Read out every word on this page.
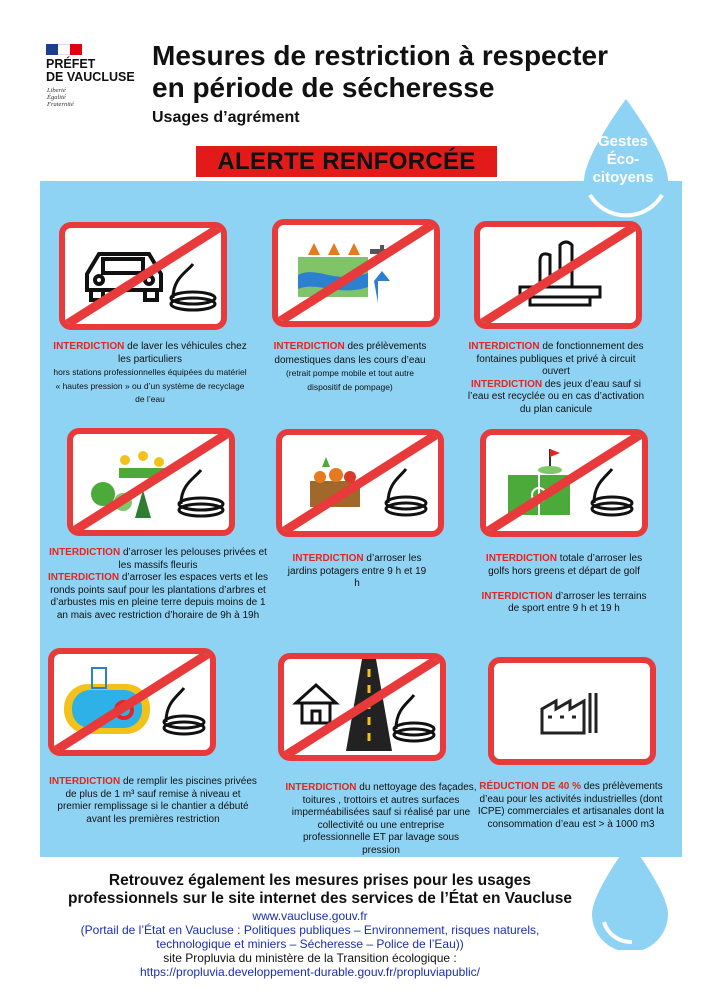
PRÉFET
DE VAUCLUSE
Liberté
Égalité
Fraternité
Mesures de restriction à respecter
en période de sécheresse
Usages d’agrément
ALERTE RENFORCÉE
Gestes
Éco-
citoyens
INTERDICTION de laver les véhicules chez les particuliers
hors stations professionnelles équipées du matériel « hautes pression » ou d’un système de recyclage de l’eau
INTERDICTION des prélèvements domestiques dans les cours d’eau (retrait pompe mobile et tout autre dispositif de pompage)
INTERDICTION de fonctionnement des fontaines publiques et privé à circuit ouvert
INTERDICTION des jeux d’eau sauf si l’eau est recyclée ou en cas d’activation du plan canicule
INTERDICTION d’arroser les pelouses privées et les massifs fleuris
INTERDICTION d’arroser les espaces verts et les ronds points sauf pour les plantations d’arbres et d’arbustes mis en pleine terre depuis moins de 1 an mais avec restriction d’horaire de 9h à 19h
INTERDICTION d’arroser les jardins potagers entre 9 h et 19 h
INTERDICTION totale d’arroser les golfs hors greens et départ de golf

INTERDICTION d’arroser les terrains de sport entre 9 h et 19 h
INTERDICTION de remplir les piscines privées de plus de 1 m³ sauf remise à niveau et premier remplissage si le chantier a débuté avant les premières restriction
INTERDICTION du nettoyage des façades, toitures , trottoirs et autres surfaces imperméabilisées sauf si réalisé par une collectivité ou une entreprise professionnelle ET par lavage sous pression
RÉDUCTION DE 40 % des prélèvements d’eau pour les activités industrielles (dont ICPE) commerciales et artisanales dont la consommation d’eau est > à 1000 m3
Retrouvez également les mesures prises pour les usages
professionnels sur le site internet des services de l’État en Vaucluse
www.vaucluse.gouv.fr
(Portail de l’État en Vaucluse : Politiques publiques – Environnement, risques naturels,
technologique et miniers – Sécheresse – Police de l’Eau))
site Propluvia du ministère de la Transition écologique :
https://propluvia.developpement-durable.gouv.fr/propluviapublic/
